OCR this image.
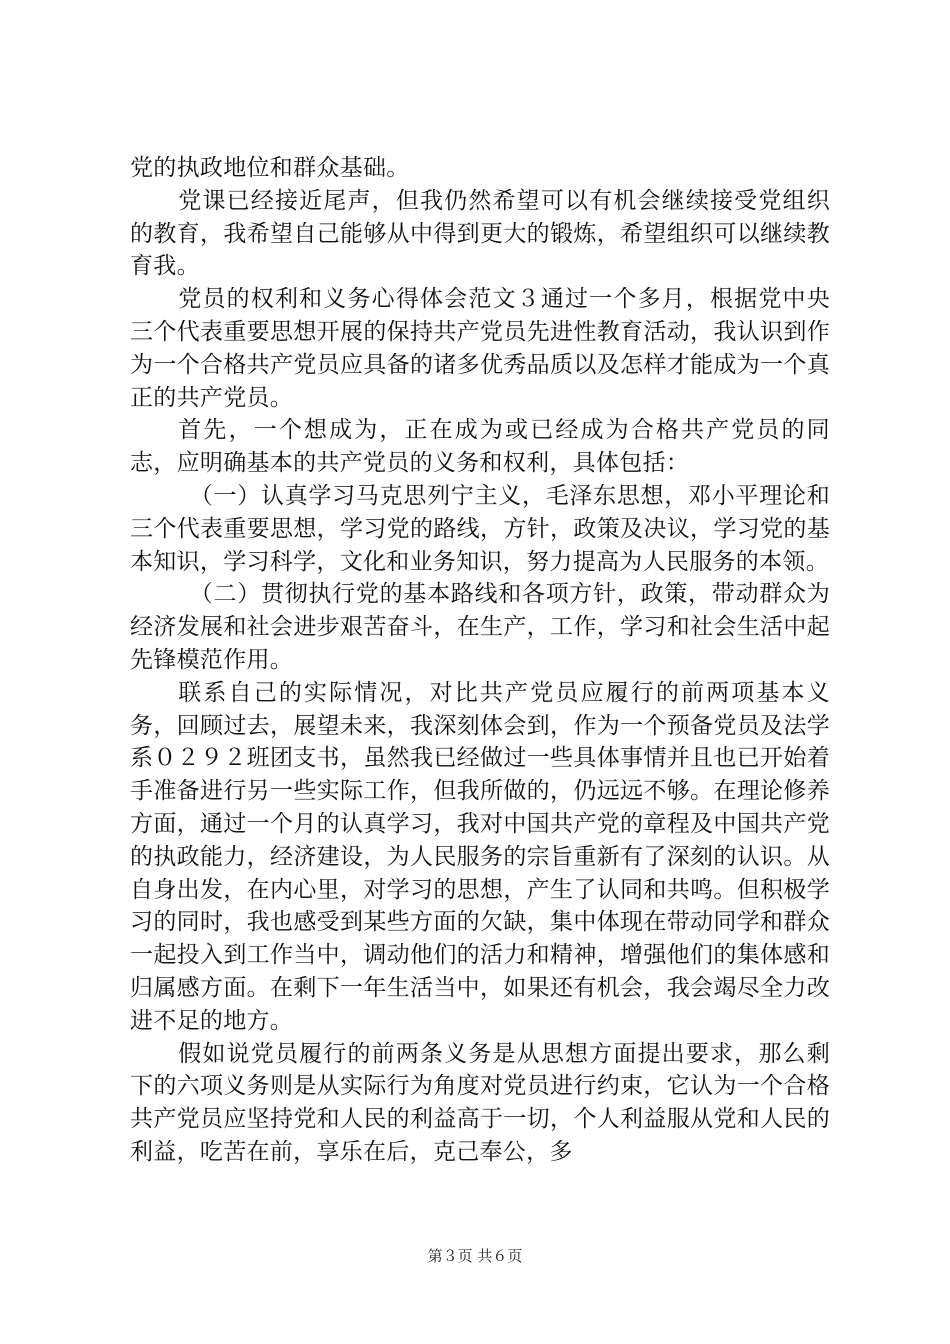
党的执政地位和群众基础。

党课已经接近尾声，但我仍然希望可以有机会继续接受党组织的教育，我希望自己能够从中得到更大的锻炼，希望组织可以继续教育我。

党员的权利和义务心得体会范文３通过一个多月，根据党中央三个代表重要思想开展的保持共产党员先进性教育活动，我认识到作为一个合格共产党员应具备的诸多优秀品质以及怎样才能成为一个真正的共产党员。

首先，一个想成为，正在成为或已经成为合格共产党员的同志，应明确基本的共产党员的义务和权利，具体包括：

（一）认真学习马克思列宁主义，毛泽东思想，邓小平理论和三个代表重要思想，学习党的路线，方针，政策及决议，学习党的基本知识，学习科学，文化和业务知识，努力提高为人民服务的本领。

（二）贯彻执行党的基本路线和各项方针，政策，带动群众为经济发展和社会进步艰苦奋斗，在生产，工作，学习和社会生活中起先锋模范作用。

联系自己的实际情况，对比共产党员应履行的前两项基本义务，回顾过去，展望未来，我深刻体会到，作为一个预备党员及法学系０２９２班团支书，虽然我已经做过一些具体事情并且也已开始着手准备进行另一些实际工作，但我所做的，仍远远不够。在理论修养方面，通过一个月的认真学习，我对中国共产党的章程及中国共产党的执政能力，经济建设，为人民服务的宗旨重新有了深刻的认识。从自身出发，在内心里，对学习的思想，产生了认同和共鸣。但积极学习的同时，我也感受到某些方面的欠缺，集中体现在带动同学和群众一起投入到工作当中，调动他们的活力和精神，增强他们的集体感和归属感方面。在剩下一年生活当中，如果还有机会，我会竭尽全力改进不足的地方。

假如说党员履行的前两条义务是从思想方面提出要求，那么剩下的六项义务则是从实际行为角度对党员进行约束，它认为一个合格共产党员应坚持党和人民的利益高于一切，个人利益服从党和人民的利益，吃苦在前，享乐在后，克己奉公，多

第３页 共６页
